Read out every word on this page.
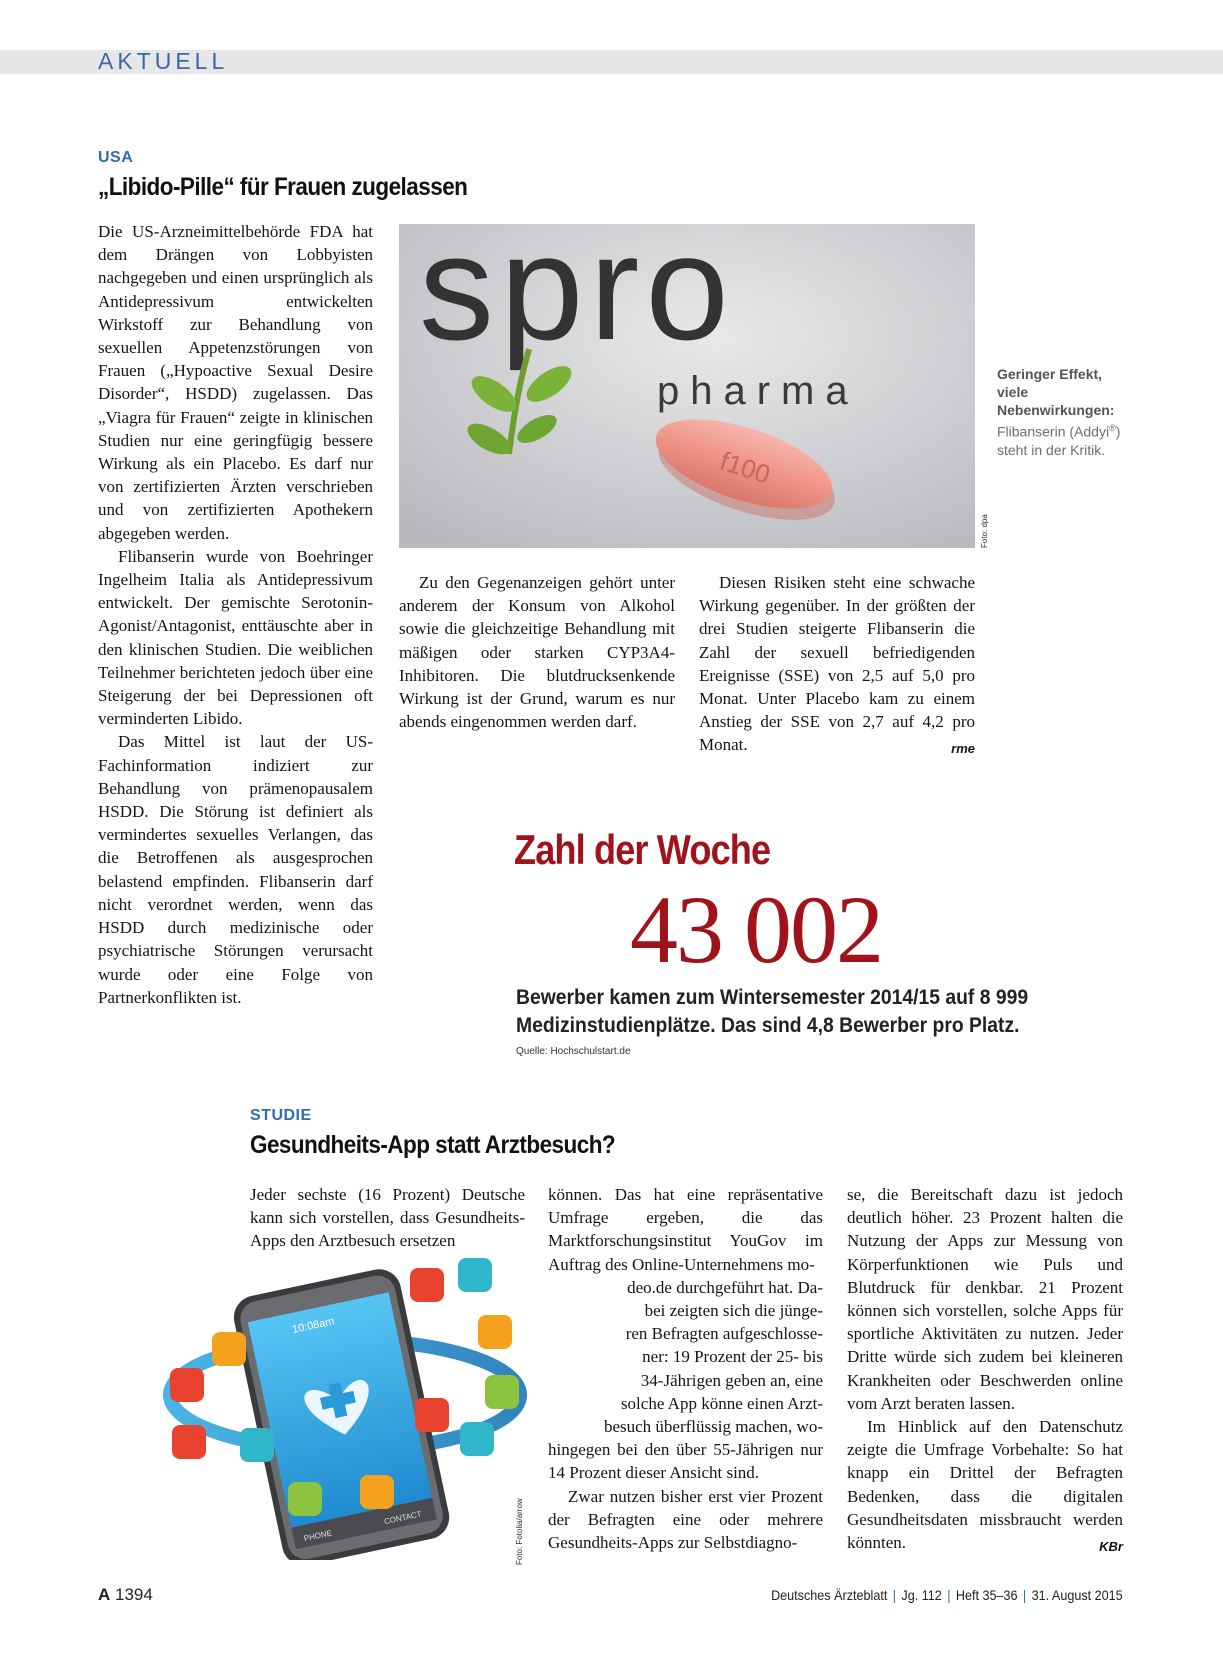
AKTUELL
USA
„Libido-Pille“ für Frauen zugelassen

Die US-Arzneimittelbehörde FDA hat dem Drängen von Lobbyisten nachgegeben und einen ursprünglich als Antidepressivum entwickelten Wirkstoff zur Behandlung von sexuellen Appetenzstörungen von Frauen („Hypoactive Sexual Desire Disorder“, HSDD) zugelassen. Das „Viagra für Frauen“ zeigte in klinischen Studien nur eine geringfügig bessere Wirkung als ein Placebo. Es darf nur von zertifizierten Ärzten verschrieben und von zertifizierten Apothekern abgegeben werden.

Flibanserin wurde von Boehringer Ingelheim Italia als Antidepressivum entwickelt. Der gemischte Serotonin-Agonist/Antagonist, enttäuschte aber in den klinischen Studien. Die weiblichen Teilnehmer berichteten jedoch über eine Steigerung der bei Depressionen oft verminderten Libido.

Das Mittel ist laut der US-Fachinformation indiziert zur Behandlung von prämenopausalem HSDD. Die Störung ist definiert als vermindertes sexuelles Verlangen, das die Betroffenen als ausgesprochen belastend empfinden. Flibanserin darf nicht verordnet werden, wenn das HSDD durch medizinische oder psychiatrische Störungen verursacht wurde oder eine Folge von Partnerkonflikten ist.

spro
pharma
f100
Foto: dpa
Geringer Effekt, viele Nebenwirkungen: Flibanserin (Addyi®) steht in der Kritik.

Zu den Gegenanzeigen gehört unter anderem der Konsum von Alkohol sowie die gleichzeitige Behandlung mit mäßigen oder starken CYP3A4-Inhibitoren. Die blutdrucksenkende Wirkung ist der Grund, warum es nur abends eingenommen werden darf.

Diesen Risiken steht eine schwache Wirkung gegenüber. In der größten der drei Studien steigerte Flibanserin die Zahl der sexuell befriedigenden Ereignisse (SSE) von 2,5 auf 5,0 pro Monat. Unter Placebo kam zu einem Anstieg der SSE von 2,7 auf 4,2 pro Monat.	rme

Zahl der Woche
43 002
Bewerber kamen zum Wintersemester 2014/15 auf 8 999 Medizinstudienplätze. Das sind 4,8 Bewerber pro Platz.
Quelle: Hochschulstart.de
STUDIE
Gesundheits-App statt Arztbesuch?

Jeder sechste (16 Prozent) Deutsche kann sich vorstellen, dass Gesundheits-Apps den Arztbesuch ersetzen

10:08am
PHONE
CONTACT	Foto: Fotolia/arrow

können. Das hat eine repräsentative Umfrage ergeben, die das Marktforschungsinstitut YouGov im Auftrag des Online-Unternehmens mo-

deo.de durchgeführt hat. Da-

bei zeigten sich die jünge-

ren Befragten aufgeschlosse-

ner: 19 Prozent der 25- bis

34-Jährigen geben an, eine

solche App könne einen Arzt-

besuch überflüssig machen, wo-

hingegen bei den über 55-Jährigen nur 14 Prozent dieser Ansicht sind.

Zwar nutzen bisher erst vier Prozent der Befragten eine oder mehrere Gesundheits-Apps zur Selbstdiagno-

se, die Bereitschaft dazu ist jedoch deutlich höher. 23 Prozent halten die Nutzung der Apps zur Messung von Körperfunktionen wie Puls und Blutdruck für denkbar. 21 Prozent können sich vorstellen, solche Apps für sportliche Aktivitäten zu nutzen. Jeder Dritte würde sich zudem bei kleineren Krankheiten oder Beschwerden online vom Arzt beraten lassen.

Im Hinblick auf den Datenschutz zeigte die Umfrage Vorbehalte: So hat knapp ein Drittel der Befragten Bedenken, dass die digitalen Gesundheitsdaten missbraucht werden könnten.	KBr

A 1394	Deutsches Ärzteblatt | Jg. 112 | Heft 35–36 | 31. August 2015
